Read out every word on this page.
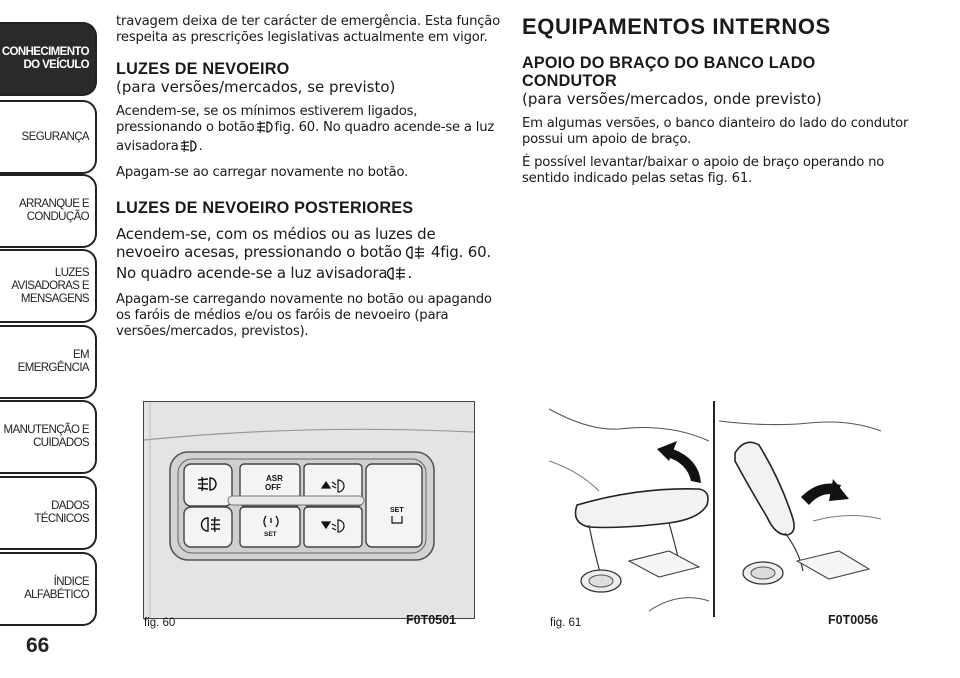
CONHECIMENTO DO VEÍCULO
SEGURANÇA
ARRANQUE E CONDUÇÃO
LUZES AVISADORAS E MENSAGENS
EM EMERGÊNCIA
MANUTENÇÃO E CUIDADOS
DADOS TÉCNICOS
ÍNDICE ALFABÉTICO
66

travagem deixa de ter carácter de emergência. Esta função respeita as prescrições legislativas actualmente em vigor.

LUZES DE NEVOEIRO
(para versões/mercados, se previsto)

Acendem-se, se os mínimos estiverem ligados, pressionando o botão fig. 60. No quadro acende-se a luz avisadora .

Apagam-se ao carregar novamente no botão.

LUZES DE NEVOEIRO POSTERIORES

Acendem-se, com os médios ou as luzes de nevoeiro acesas, pressionando o botão 4fig. 60. No quadro acende-se a luz avisadora .

Apagam-se carregando novamente no botão ou apagando os faróis de médios e/ou os faróis de nevoeiro (para versões/mercados, previstos).

EQUIPAMENTOS INTERNOS
APOIO DO BRAÇO DO BANCO LADO CONDUTOR
(para versões/mercados, onde previsto)

Em algumas versões, o banco dianteiro do lado do condutor possui um apoio de braço.

É possível levantar/baixar o apoio de braço operando no sentido indicado pelas setas fig. 61.

ASR
OFF
SET
SET
fig. 60	F0T0501	fig. 61	F0T0056
